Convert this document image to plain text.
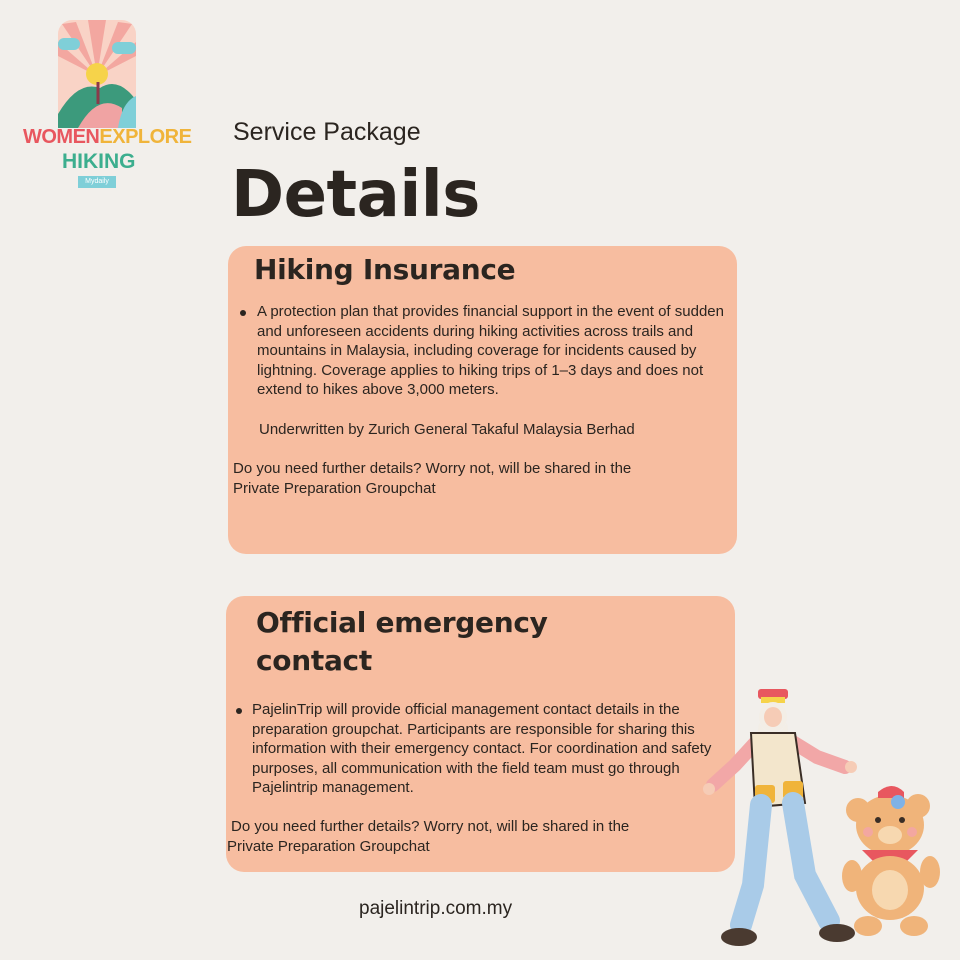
WOMENEXPLORE
HIKING
Mydaily
Service Package
Details
Hiking Insurance
A protection plan that provides financial support in the event of sudden and unforeseen accidents during hiking activities across trails and mountains in Malaysia, including coverage for incidents caused by lightning. Coverage applies to hiking trips of 1–3 days and does not extend to hikes above 3,000 meters.
Underwritten by Zurich General Takaful Malaysia Berhad
Do you need further details? Worry not, will be shared in the
Private Preparation Groupchat
Official emergency contact
PajelinTrip will provide official management contact details in the preparation groupchat. Participants are responsible for sharing this information with their emergency contact. For coordination and safety purposes, all communication with the field team must go through Pajelintrip management.
Do you need further details? Worry not, will be shared in the
Private Preparation Groupchat
pajelintrip.com.my
